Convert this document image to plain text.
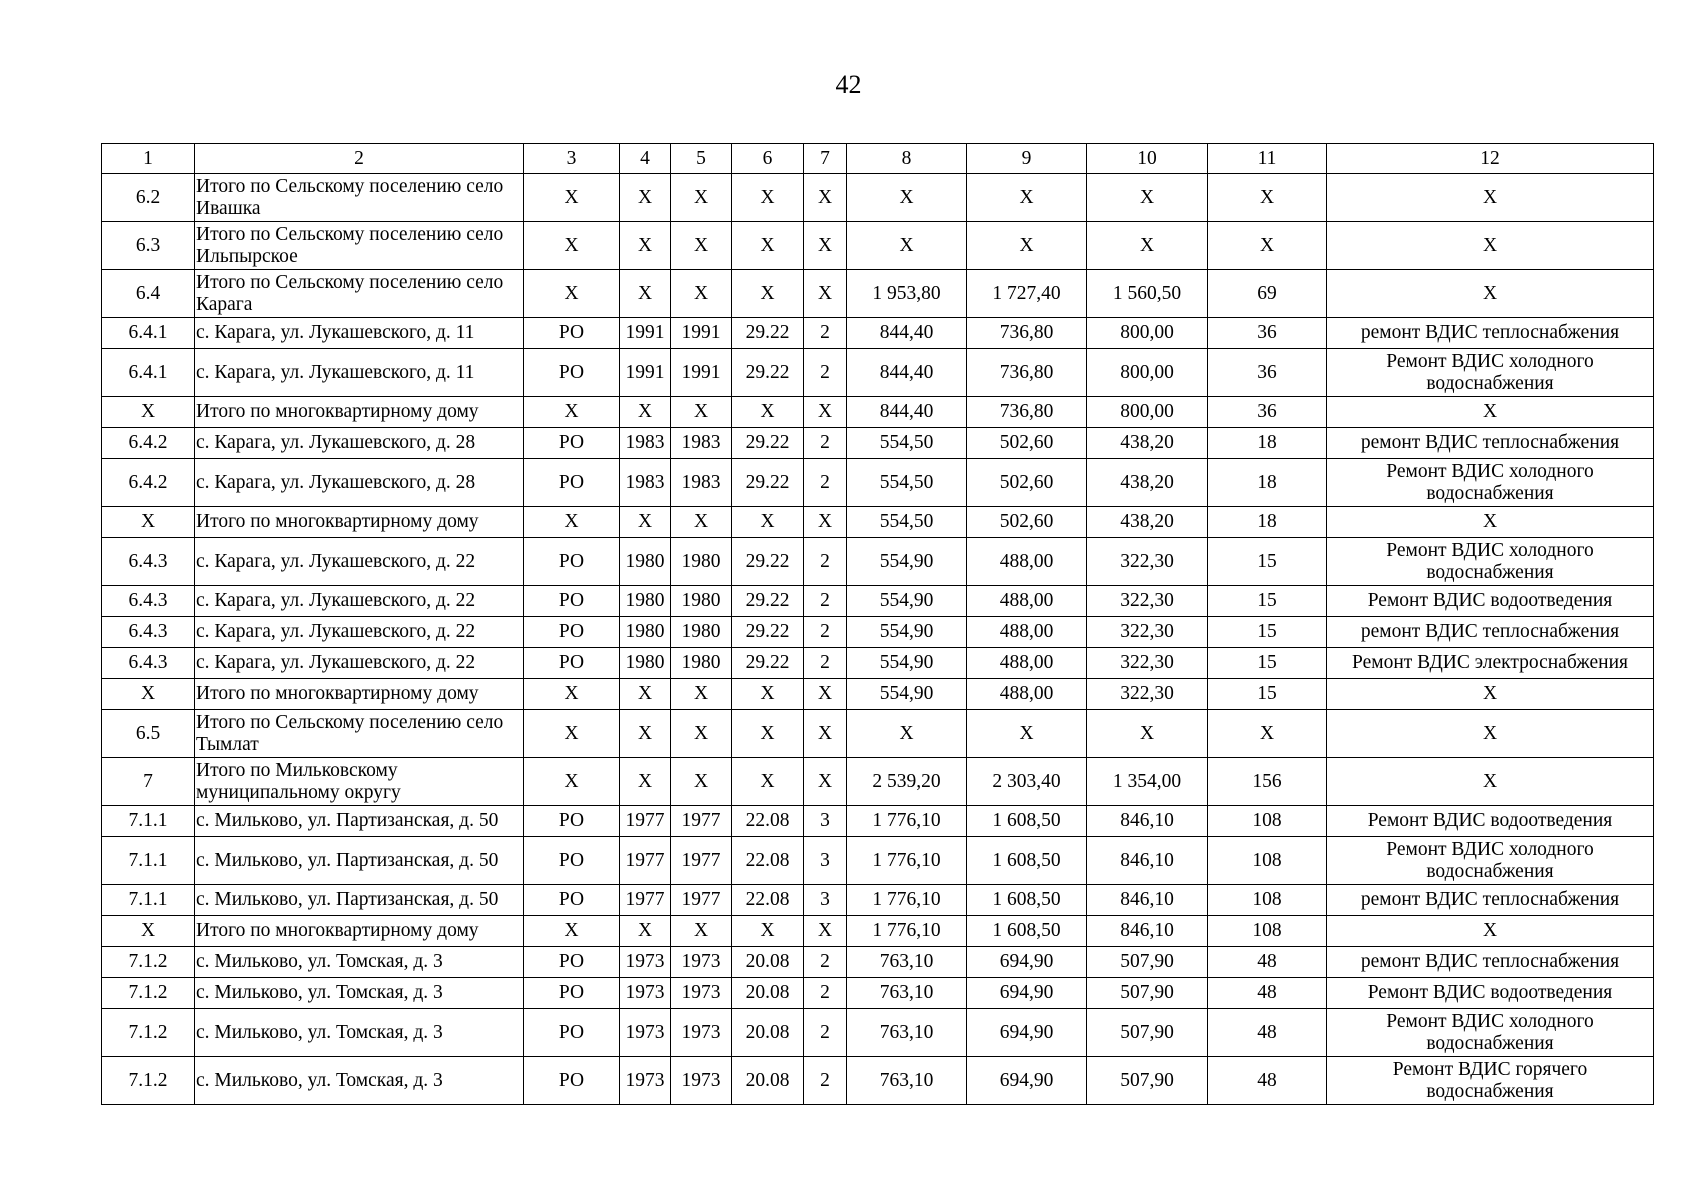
42
1	2	3	4	5	6	7	8	9	10	11	12
6.2	Итого по Сельскому поселению село Ивашка	X	X	X	X	X	X	X	X	X	X
6.3	Итого по Сельскому поселению село Ильпырское	X	X	X	X	X	X	X	X	X	X
6.4	Итого по Сельскому поселению село Карага	X	X	X	X	X	1 953,80	1 727,40	1 560,50	69	X
6.4.1	с. Карага, ул. Лукашевского, д. 11	РО	1991	1991	29.22	2	844,40	736,80	800,00	36	ремонт ВДИС теплоснабжения
6.4.1	с. Карага, ул. Лукашевского, д. 11	РО	1991	1991	29.22	2	844,40	736,80	800,00	36	Ремонт ВДИС холодного водоснабжения
X	Итого по многоквартирному дому	X	X	X	X	X	844,40	736,80	800,00	36	X
6.4.2	с. Карага, ул. Лукашевского, д. 28	РО	1983	1983	29.22	2	554,50	502,60	438,20	18	ремонт ВДИС теплоснабжения
6.4.2	с. Карага, ул. Лукашевского, д. 28	РО	1983	1983	29.22	2	554,50	502,60	438,20	18	Ремонт ВДИС холодного водоснабжения
X	Итого по многоквартирному дому	X	X	X	X	X	554,50	502,60	438,20	18	X
6.4.3	с. Карага, ул. Лукашевского, д. 22	РО	1980	1980	29.22	2	554,90	488,00	322,30	15	Ремонт ВДИС холодного водоснабжения
6.4.3	с. Карага, ул. Лукашевского, д. 22	РО	1980	1980	29.22	2	554,90	488,00	322,30	15	Ремонт ВДИС водоотведения
6.4.3	с. Карага, ул. Лукашевского, д. 22	РО	1980	1980	29.22	2	554,90	488,00	322,30	15	ремонт ВДИС теплоснабжения
6.4.3	с. Карага, ул. Лукашевского, д. 22	РО	1980	1980	29.22	2	554,90	488,00	322,30	15	Ремонт ВДИС электроснабжения
X	Итого по многоквартирному дому	X	X	X	X	X	554,90	488,00	322,30	15	X
6.5	Итого по Сельскому поселению село Тымлат	X	X	X	X	X	X	X	X	X	X
7	Итого по Мильковскому муниципальному округу	X	X	X	X	X	2 539,20	2 303,40	1 354,00	156	X
7.1.1	с. Мильково, ул. Партизанская, д. 50	РО	1977	1977	22.08	3	1 776,10	1 608,50	846,10	108	Ремонт ВДИС водоотведения
7.1.1	с. Мильково, ул. Партизанская, д. 50	РО	1977	1977	22.08	3	1 776,10	1 608,50	846,10	108	Ремонт ВДИС холодного водоснабжения
7.1.1	с. Мильково, ул. Партизанская, д. 50	РО	1977	1977	22.08	3	1 776,10	1 608,50	846,10	108	ремонт ВДИС теплоснабжения
X	Итого по многоквартирному дому	X	X	X	X	X	1 776,10	1 608,50	846,10	108	X
7.1.2	с. Мильково, ул. Томская, д. 3	РО	1973	1973	20.08	2	763,10	694,90	507,90	48	ремонт ВДИС теплоснабжения
7.1.2	с. Мильково, ул. Томская, д. 3	РО	1973	1973	20.08	2	763,10	694,90	507,90	48	Ремонт ВДИС водоотведения
7.1.2	с. Мильково, ул. Томская, д. 3	РО	1973	1973	20.08	2	763,10	694,90	507,90	48	Ремонт ВДИС холодного водоснабжения
7.1.2	с. Мильково, ул. Томская, д. 3	РО	1973	1973	20.08	2	763,10	694,90	507,90	48	Ремонт ВДИС горячего водоснабжения
